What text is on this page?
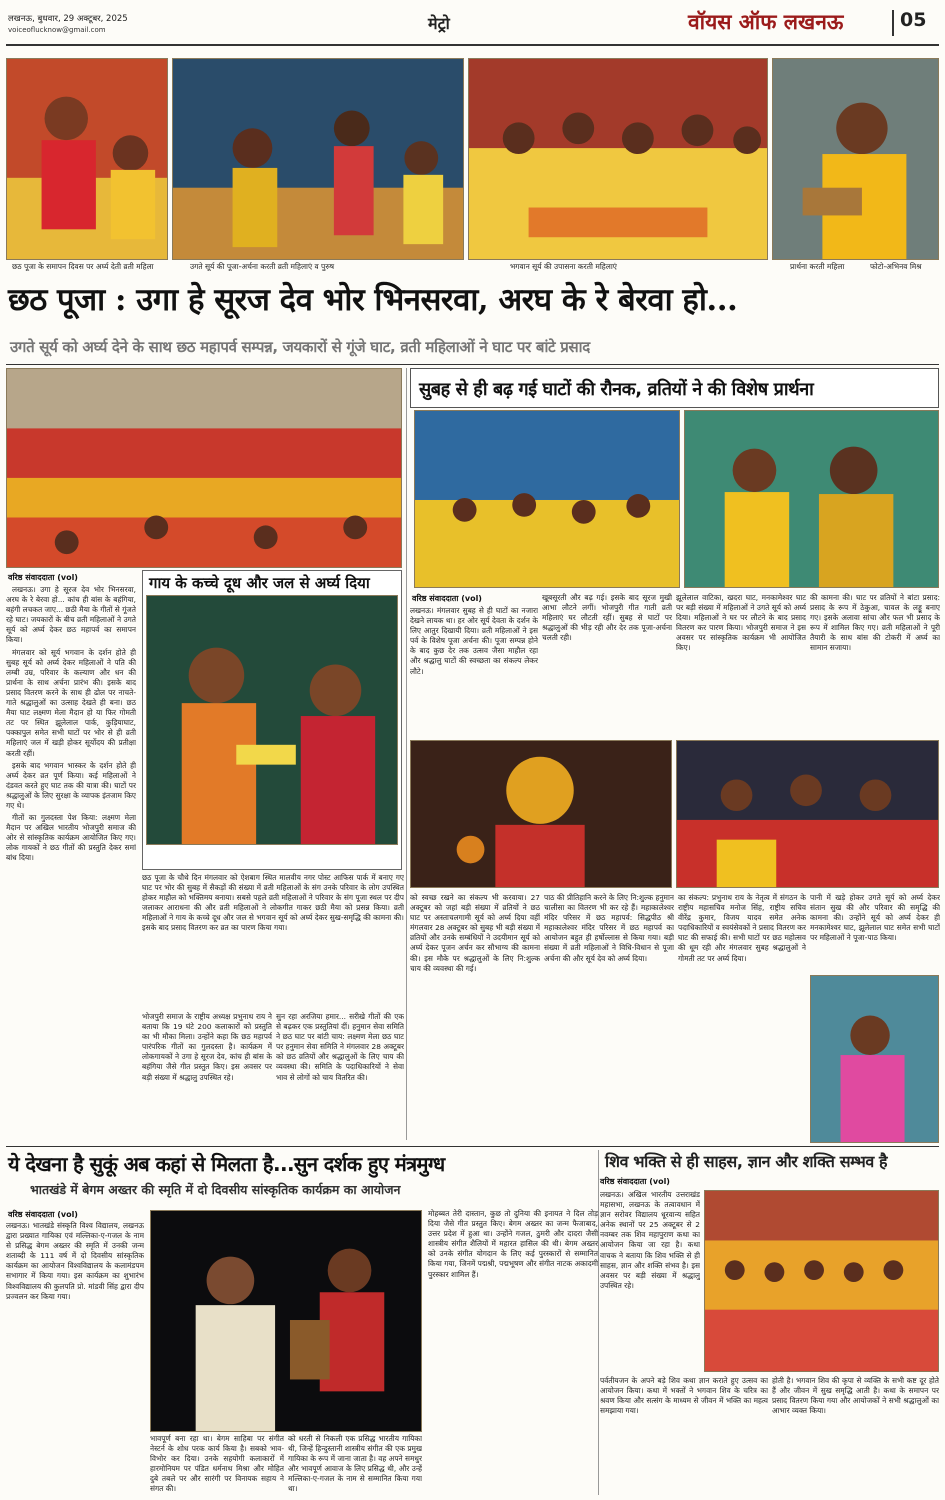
लखनऊ, बुधवार, 29 अक्टूबर, 2025
voiceoflucknow@gmail.com	मेट्रो	वॉयस ऑफ लखनऊ	05
छठ पूजा के समापन दिवस पर अर्घ्य देती व्रती महिला	उगते सूर्य की पूजा-अर्चना करती व्रती महिलाएं व पुरुष	भगवान सूर्य की उपासना करती महिलाएं	प्रार्थना करती महिला	फोटो-अभिनव मिश्र
छठ पूजा : उगा हे सूरज देव भोर भिनसरवा, अरघ के रे बेरवा हो...
उगते सूर्य को अर्घ्य देने के साथ छठ महापर्व सम्पन्न, जयकारों से गूंजे घाट, व्रती महिलाओं ने घाट पर बांटे प्रसाद
वरिष्ठ संवाददाता (vol)

लखनऊ। उगा हे सूरज देव भोर भिनसरवा, अरघ के रे बेरवा हो... कांच ही बांस के बहंगिया, बहंगी लचकत जाए... छठी मैया के गीतों से गूंजते रहे घाट। जयकारों के बीच व्रती महिलाओं ने उगते सूर्य को अर्घ्य देकर छठ महापर्व का समापन किया।

मंगलवार को सूर्य भगवान के दर्शन होते ही सुबह सूर्य को अर्घ्य देकर महिलाओं ने पति की लम्बी उम्र, परिवार के कल्याण और धन की प्रार्थना के साथ अर्चना प्रारंभ की। इसके बाद प्रसाद वितरण करने के साथ ही ढोल पर नाचते-गाते श्रद्धालुओं का उत्साह देखते ही बना। छठ मैया घाट लक्ष्मण मेला मैदान हो या फिर गोमती तट पर स्थित झूलेलाल पार्क, कुड़ियाघाट, पक्कापुल समेत सभी घाटों पर भोर से ही व्रती महिलाएं जल में खड़ी होकर सूर्योदय की प्रतीक्षा करती रहीं।

इसके बाद भगवान भास्कर के दर्शन होते ही अर्घ्य देकर व्रत पूर्ण किया। कई महिलाओं ने दंडवत करते हुए घाट तक की यात्रा की। घाटों पर श्रद्धालुओं के लिए सुरक्षा के व्यापक इंतजाम किए गए थे।

गीतों का गुलदस्ता पेश किया: लक्ष्मण मेला मैदान पर अखिल भारतीय भोजपुरी समाज की ओर से सांस्कृतिक कार्यक्रम आयोजित किए गए। लोक गायकों ने छठ गीतों की प्रस्तुति देकर समां बांध दिया।

गाय के कच्चे दूध और जल से अर्घ्य दिया
छठ पूजा के चौथे दिन मंगलवार को ऐशबाग स्थित मालवीय नगर पोस्ट आफिस पार्क में बनाए गए घाट पर भोर की सुबह में सैकड़ों की संख्या में व्रती महिलाओं के संग उनके परिवार के लोग उपस्थित होकर माहौल को भक्तिमय बनाया। सबसे पहले व्रती महिलाओं ने परिवार के संग पूजा स्थल पर दीप जलाकर आराधना की और व्रती महिलाओं ने लोकगीत गाकर छठी मैया को प्रसन्न किया। व्रती महिलाओं ने गाय के कच्चे दूध और जल से भगवान सूर्य को अर्घ्य देकर सुख-समृद्धि की कामना की। इसके बाद प्रसाद वितरण कर व्रत का पारण किया गया।
भोजपुरी समाज के राष्ट्रीय अध्यक्ष प्रभुनाथ राय ने बताया कि 19 घंटे 200 कलाकारों को प्रस्तुति का भी मौका मिला। उन्होंने कहा कि छठ महापर्व पारंपरिक गीतों का गुलदस्ता है। कार्यक्रम में लोकगायकों ने उगा हे सूरज देव, कांच ही बांस के बहंगिया जैसे गीत प्रस्तुत किए। इस अवसर पर बड़ी संख्या में श्रद्धालु उपस्थित रहे।
सुन रहा अरजिया हमार... सरीखे गीतों की एक से बढ़कर एक प्रस्तुतियां दीं। हनुमान सेवा समिति ने छठ घाट पर बांटी चाय: लक्ष्मण मेला छठ घाट पर हनुमान सेवा समिति ने मंगलवार 28 अक्टूबर को छठ व्रतियों और श्रद्धालुओं के लिए चाय की व्यवस्था की। समिति के पदाधिकारियों ने सेवा भाव से लोगों को चाय वितरित की।
सुबह से ही बढ़ गई घाटों की रौनक, व्रतियों ने की विशेष प्रार्थना
वरिष्ठ संवाददाता (vol)
लखनऊ। मंगलवार सुबह से ही घाटों का नजारा देखने लायक था। हर ओर सूर्य देवता के दर्शन के लिए आतुर दिखायी दिया। व्रती महिलाओं ने इस पर्व के विशेष पूजा अर्चना की। पूजा सम्पन्न होने के बाद कुछ देर तक उत्सव जैसा माहौल रहा और श्रद्धालु घाटों की स्वच्छता का संकल्प लेकर लौटे।
खूबसूरती और बढ़ गई। इसके बाद सूरज मुखी आभा लौटने लगीं। भोजपुरी गीत गाती व्रती महिलाएं घर लौटती रहीं। सुबह से घाटों पर श्रद्धालुओं की भीड़ रही और देर तक पूजा-अर्चना चलती रही।
झूलेलाल वाटिका, खदरा घाट, मनकामेश्वर घाट पर बड़ी संख्या में महिलाओं ने उगते सूर्य को अर्घ्य दिया। महिलाओं ने घर पर लौटने के बाद प्रसाद वितरण कर पारण किया। भोजपुरी समाज ने इस अवसर पर सांस्कृतिक कार्यक्रम भी आयोजित किए।
की कामना की। घाट पर व्रतियों ने बांटा प्रसाद: प्रसाद के रूप में ठेकुआ, चावल के लड्डू बनाए गए। इसके अलावा सांचा और फल भी प्रसाद के रूप में शामिल किए गए। व्रती महिलाओं ने पूरी तैयारी के साथ बांस की टोकरी में अर्घ्य का सामान सजाया।
को स्वच्छ रखने का संकल्प भी करवाया। 27 अक्टूबर को जहां बड़ी संख्या में व्रतियों ने छठ घाट पर अस्ताचलगामी सूर्य को अर्घ्य दिया वहीं मंगलवार 28 अक्टूबर को सुबह भी बड़ी संख्या में व्रतियों और उनके सम्बंधियों ने उदयीमान सूर्य को अर्घ्य देकर पूजन अर्चन कर सौभाग्य की कामना की। इस मौके पर श्रद्धालुओं के लिए नि:शुल्क चाय की व्यवस्था की गई।
पाठ की प्रीतिहानि करने के लिए नि:शुल्क हनुमान चालीसा का वितरण भी कर रहे हैं। महाकालेश्वर मंदिर परिसर में छठ महापर्व: सिद्धपीठ श्री महाकालेश्वर मंदिर परिसर में छठ महापर्व का आयोजन बहुत ही हर्षोल्लास से किया गया। बड़ी संख्या में व्रती महिलाओं ने विधि-विधान से पूजा अर्चना की और सूर्य देव को अर्घ्य दिया।
का संकल्प: प्रभुनाथ राय के नेतृत्व में संगठन के राष्ट्रीय महासचिव मनोज सिंह, राष्ट्रीय सचिव वीरेंद्र कुमार, विजय यादव समेत अनेक पदाधिकारियों व स्वयंसेवकों ने प्रसाद वितरण कर घाट की सफाई की। सभी घाटों पर छठ महोत्सव की धूम रही और मंगलवार सुबह श्रद्धालुओं ने गोमती तट पर अर्घ्य दिया।
पानी में खड़े होकर उगते सूर्य को अर्घ्य देकर संतान सुख की और परिवार की समृद्धि की कामना की। उन्होंने सूर्य को अर्घ्य देकर ही मनकामेश्वर घाट, झूलेलाल घाट समेत सभी घाटों पर महिलाओं ने पूजा-पाठ किया।
ये देखना है सुकूं अब कहां से मिलता है...सुन दर्शक हुए मंत्रमुग्ध
भातखंडे में बेगम अख्तर की स्मृति में दो दिवसीय सांस्कृतिक कार्यक्रम का आयोजन
शिव भक्ति से ही साहस, ज्ञान और शक्ति सम्भव है
वरिष्ठ संवाददाता (vol)
लखनऊ। भातखंडे संस्कृति विश्व विद्यालय, लखनऊ द्वारा प्रख्यात गायिका एवं मल्लिका-ए-गजल के नाम से प्रसिद्ध बेगम अख्तर की स्मृति में उनकी जन्म शताब्दी के 111 वर्ष में दो दिवसीय सांस्कृतिक कार्यक्रम का आयोजन विश्वविद्यालय के कलामंडपम सभागार में किया गया। इस कार्यक्रम का शुभारंभ विश्वविद्यालय की कुलपति प्रो. मांडवी सिंह द्वारा दीप प्रज्वलन कर किया गया।
भावपूर्ण बना रहा था। बेगम साहिबा पर संगीत नेस्टर्न के शोध परक कार्य किया है। सबको भाव-विभोर कर दिया। उनके सहयोगी कलाकारों में हारमोनियम पर पंडित धर्मनाथ मिश्रा और मोहित दुबे तबले पर और सारंगी पर विनायक सहाय ने संगत की।
को धरती से निकली एक प्रसिद्ध भारतीय गायिका थी, जिन्हें हिन्दुस्तानी शास्त्रीय संगीत की एक प्रमुख गायिका के रूप में जाना जाता है। वह अपने समधुर और भावपूर्ण आवाज के लिए प्रसिद्ध थी, और उन्हें मल्लिका-ए-गजल के नाम से सम्मानित किया गया था।
मोहब्बत तेरी दास्तान, कुछ तो दुनिया की इनायत ने दिल तोड़ दिया जैसे गीत प्रस्तुत किए। बेगम अख्तर का जन्म फैजाबाद, उत्तर प्रदेश में हुआ था। उन्होंने गजल, ठुमरी और दादरा जैसी शास्त्रीय संगीत शैलियों में महारत हासिल की थी। बेगम अख्तर को उनके संगीत योगदान के लिए कई पुरस्कारों से सम्मानित किया गया, जिनमें पद्मश्री, पद्मभूषण और संगीत नाटक अकादमी पुरस्कार शामिल हैं।
वरिष्ठ संवाददाता (vol)
लखनऊ। अखिल भारतीय उत्तराखंड महासभा, लखनऊ के तत्वावधान में ज्ञान सरोवर विद्यालय धूरवान्य सहित अनेक स्थानों पर 25 अक्टूबर से 2 नवम्बर तक शिव महापुराण कथा का आयोजन किया जा रहा है। कथा वाचक ने बताया कि शिव भक्ति से ही साहस, ज्ञान और शक्ति संभव है। इस अवसर पर बड़ी संख्या में श्रद्धालु उपस्थित रहे।
पर्वतीयजन के अपने बड़े शिव कथा ज्ञान कराते हुए उत्सव का आयोजन किया। कथा में भक्तों ने भगवान शिव के चरित्र का श्रवण किया और सत्संग के माध्यम से जीवन में भक्ति का महत्व समझाया गया।
होती है। भगवान शिव की कृपा से व्यक्ति के सभी कष्ट दूर होते हैं और जीवन में सुख समृद्धि आती है। कथा के समापन पर प्रसाद वितरण किया गया और आयोजकों ने सभी श्रद्धालुओं का आभार व्यक्त किया।
